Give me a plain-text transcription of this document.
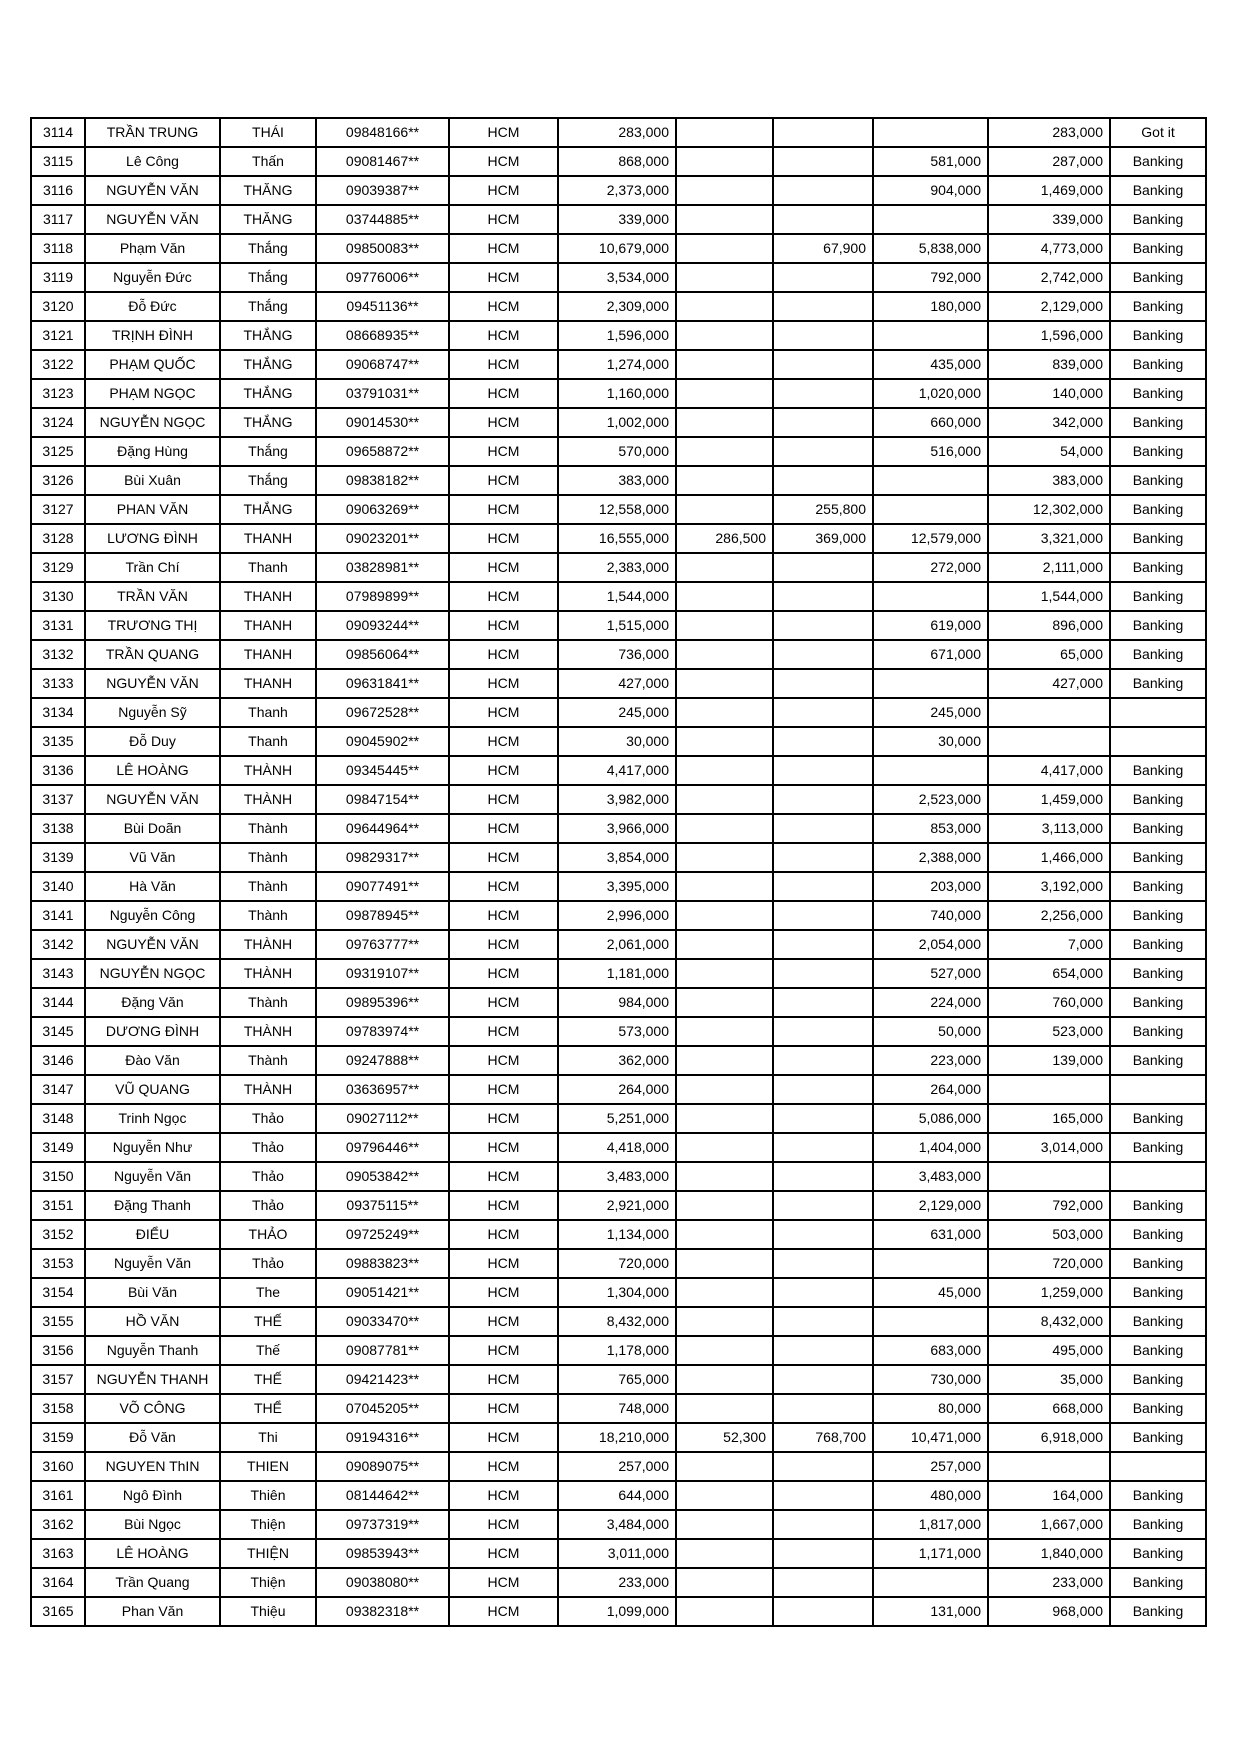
3114	TRẦN TRUNG	THÁI	09848166**	HCM	283,000				283,000	Got it
3115	Lê Công	Thấn	09081467**	HCM	868,000			581,000	287,000	Banking
3116	NGUYỄN VĂN	THĂNG	09039387**	HCM	2,373,000			904,000	1,469,000	Banking
3117	NGUYỄN VĂN	THĂNG	03744885**	HCM	339,000				339,000	Banking
3118	Phạm Văn	Thắng	09850083**	HCM	10,679,000		67,900	5,838,000	4,773,000	Banking
3119	Nguyễn Đức	Thắng	09776006**	HCM	3,534,000			792,000	2,742,000	Banking
3120	Đỗ Đức	Thắng	09451136**	HCM	2,309,000			180,000	2,129,000	Banking
3121	TRỊNH ĐÌNH	THẮNG	08668935**	HCM	1,596,000				1,596,000	Banking
3122	PHẠM QUỐC	THẮNG	09068747**	HCM	1,274,000			435,000	839,000	Banking
3123	PHẠM NGỌC	THẮNG	03791031**	HCM	1,160,000			1,020,000	140,000	Banking
3124	NGUYỄN NGỌC	THẮNG	09014530**	HCM	1,002,000			660,000	342,000	Banking
3125	Đặng Hùng	Thắng	09658872**	HCM	570,000			516,000	54,000	Banking
3126	Bùi Xuân	Thắng	09838182**	HCM	383,000				383,000	Banking
3127	PHAN VĂN	THẮNG	09063269**	HCM	12,558,000		255,800		12,302,000	Banking
3128	LƯƠNG ĐÌNH	THANH	09023201**	HCM	16,555,000	286,500	369,000	12,579,000	3,321,000	Banking
3129	Trần Chí	Thanh	03828981**	HCM	2,383,000			272,000	2,111,000	Banking
3130	TRẦN VĂN	THANH	07989899**	HCM	1,544,000				1,544,000	Banking
3131	TRƯƠNG THỊ	THANH	09093244**	HCM	1,515,000			619,000	896,000	Banking
3132	TRẦN QUANG	THANH	09856064**	HCM	736,000			671,000	65,000	Banking
3133	NGUYỄN VĂN	THANH	09631841**	HCM	427,000				427,000	Banking
3134	Nguyễn Sỹ	Thanh	09672528**	HCM	245,000			245,000		
3135	Đỗ Duy	Thanh	09045902**	HCM	30,000			30,000		
3136	LÊ HOÀNG	THÀNH	09345445**	HCM	4,417,000				4,417,000	Banking
3137	NGUYỄN VĂN	THÀNH	09847154**	HCM	3,982,000			2,523,000	1,459,000	Banking
3138	Bùi Doãn	Thành	09644964**	HCM	3,966,000			853,000	3,113,000	Banking
3139	Vũ Văn	Thành	09829317**	HCM	3,854,000			2,388,000	1,466,000	Banking
3140	Hà Văn	Thành	09077491**	HCM	3,395,000			203,000	3,192,000	Banking
3141	Nguyễn Công	Thành	09878945**	HCM	2,996,000			740,000	2,256,000	Banking
3142	NGUYỄN VĂN	THÀNH	09763777**	HCM	2,061,000			2,054,000	7,000	Banking
3143	NGUYỄN NGỌC	THÀNH	09319107**	HCM	1,181,000			527,000	654,000	Banking
3144	Đặng Văn	Thành	09895396**	HCM	984,000			224,000	760,000	Banking
3145	DƯƠNG ĐÌNH	THÀNH	09783974**	HCM	573,000			50,000	523,000	Banking
3146	Đào Văn	Thành	09247888**	HCM	362,000			223,000	139,000	Banking
3147	VŨ QUANG	THÀNH	03636957**	HCM	264,000			264,000		
3148	Trinh Ngọc	Thảo	09027112**	HCM	5,251,000			5,086,000	165,000	Banking
3149	Nguyễn Như	Thảo	09796446**	HCM	4,418,000			1,404,000	3,014,000	Banking
3150	Nguyễn Văn	Thảo	09053842**	HCM	3,483,000			3,483,000		
3151	Đặng Thanh	Thảo	09375115**	HCM	2,921,000			2,129,000	792,000	Banking
3152	ĐIỂU	THẢO	09725249**	HCM	1,134,000			631,000	503,000	Banking
3153	Nguyễn Văn	Thảo	09883823**	HCM	720,000				720,000	Banking
3154	Bùi Văn	The	09051421**	HCM	1,304,000			45,000	1,259,000	Banking
3155	HỒ VĂN	THẾ	09033470**	HCM	8,432,000				8,432,000	Banking
3156	Nguyễn Thanh	Thế	09087781**	HCM	1,178,000			683,000	495,000	Banking
3157	NGUYỄN THANH	THẾ	09421423**	HCM	765,000			730,000	35,000	Banking
3158	VÕ CÔNG	THỂ	07045205**	HCM	748,000			80,000	668,000	Banking
3159	Đỗ Văn	Thi	09194316**	HCM	18,210,000	52,300	768,700	10,471,000	6,918,000	Banking
3160	NGUYEN ThIN	THIEN	09089075**	HCM	257,000			257,000		
3161	Ngô Đình	Thiên	08144642**	HCM	644,000			480,000	164,000	Banking
3162	Bùi Ngọc	Thiện	09737319**	HCM	3,484,000			1,817,000	1,667,000	Banking
3163	LÊ HOÀNG	THIỆN	09853943**	HCM	3,011,000			1,171,000	1,840,000	Banking
3164	Trần Quang	Thiện	09038080**	HCM	233,000				233,000	Banking
3165	Phan Văn	Thiệu	09382318**	HCM	1,099,000			131,000	968,000	Banking
